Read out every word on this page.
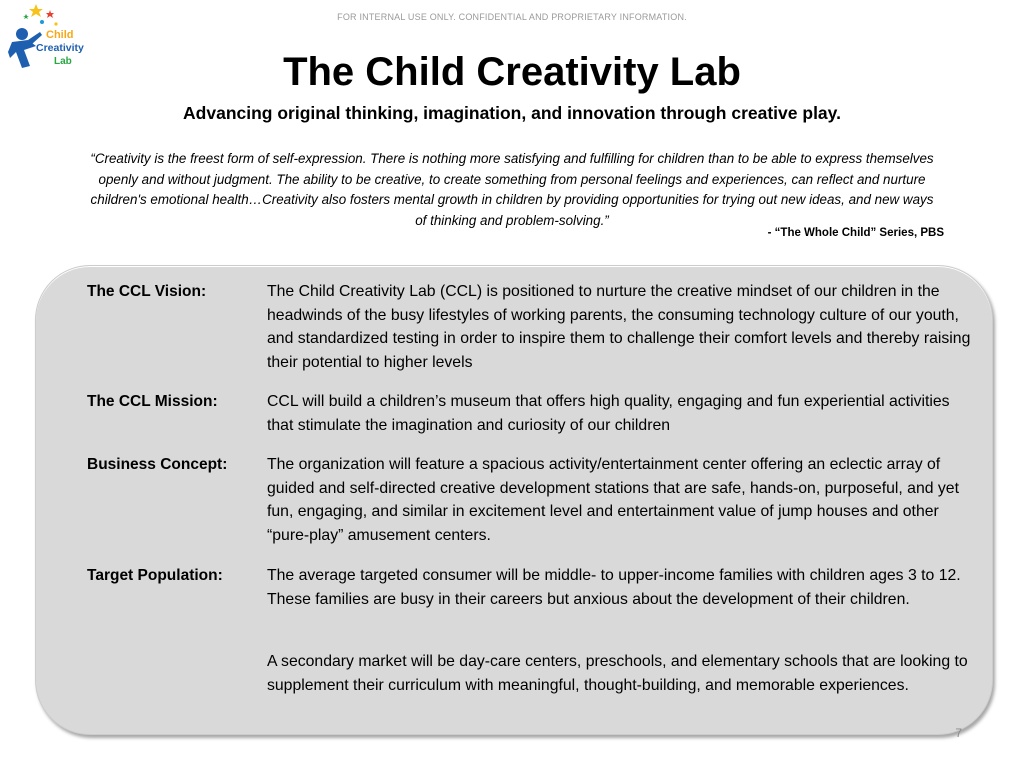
FOR INTERNAL USE ONLY. CONFIDENTIAL AND PROPRIETARY INFORMATION.
Child
Creativity
Lab	The Child Creativity Lab
Advancing original thinking, imagination, and innovation through creative play.
“Creativity is the freest form of self-expression. There is nothing more satisfying and fulfilling for children than to be able to express themselves openly and without judgment. The ability to be creative, to create something from personal feelings and experiences, can reflect and nurture children's emotional health…Creativity also fosters mental growth in children by providing opportunities for trying out new ideas, and new ways of thinking and problem-solving.”
- “The Whole Child” Series, PBS
The CCL Vision:	The Child Creativity Lab (CCL) is positioned to nurture the creative mindset of our children in the headwinds of the busy lifestyles of working parents, the consuming technology culture of our youth, and standardized testing in order to inspire them to challenge their comfort levels and thereby raising their potential to higher levels

The CCL Mission:	CCL will build a children’s museum that offers high quality, engaging and fun experiential activities that stimulate the imagination and curiosity of our children

Business Concept:	The organization will feature a spacious activity/entertainment center offering an eclectic array of guided and self-directed creative development stations that are safe, hands-on, purposeful, and yet fun, engaging, and similar in excitement level and entertainment value of jump houses and other “pure-play” amusement centers.

Target Population:	The average targeted consumer will be middle- to upper-income families with children ages 3 to 12. These families are busy in their careers but anxious about the development of their children.

A secondary market will be day-care centers, preschools, and elementary schools that are looking to supplement their curriculum with meaningful, thought-building, and memorable experiences.

7
